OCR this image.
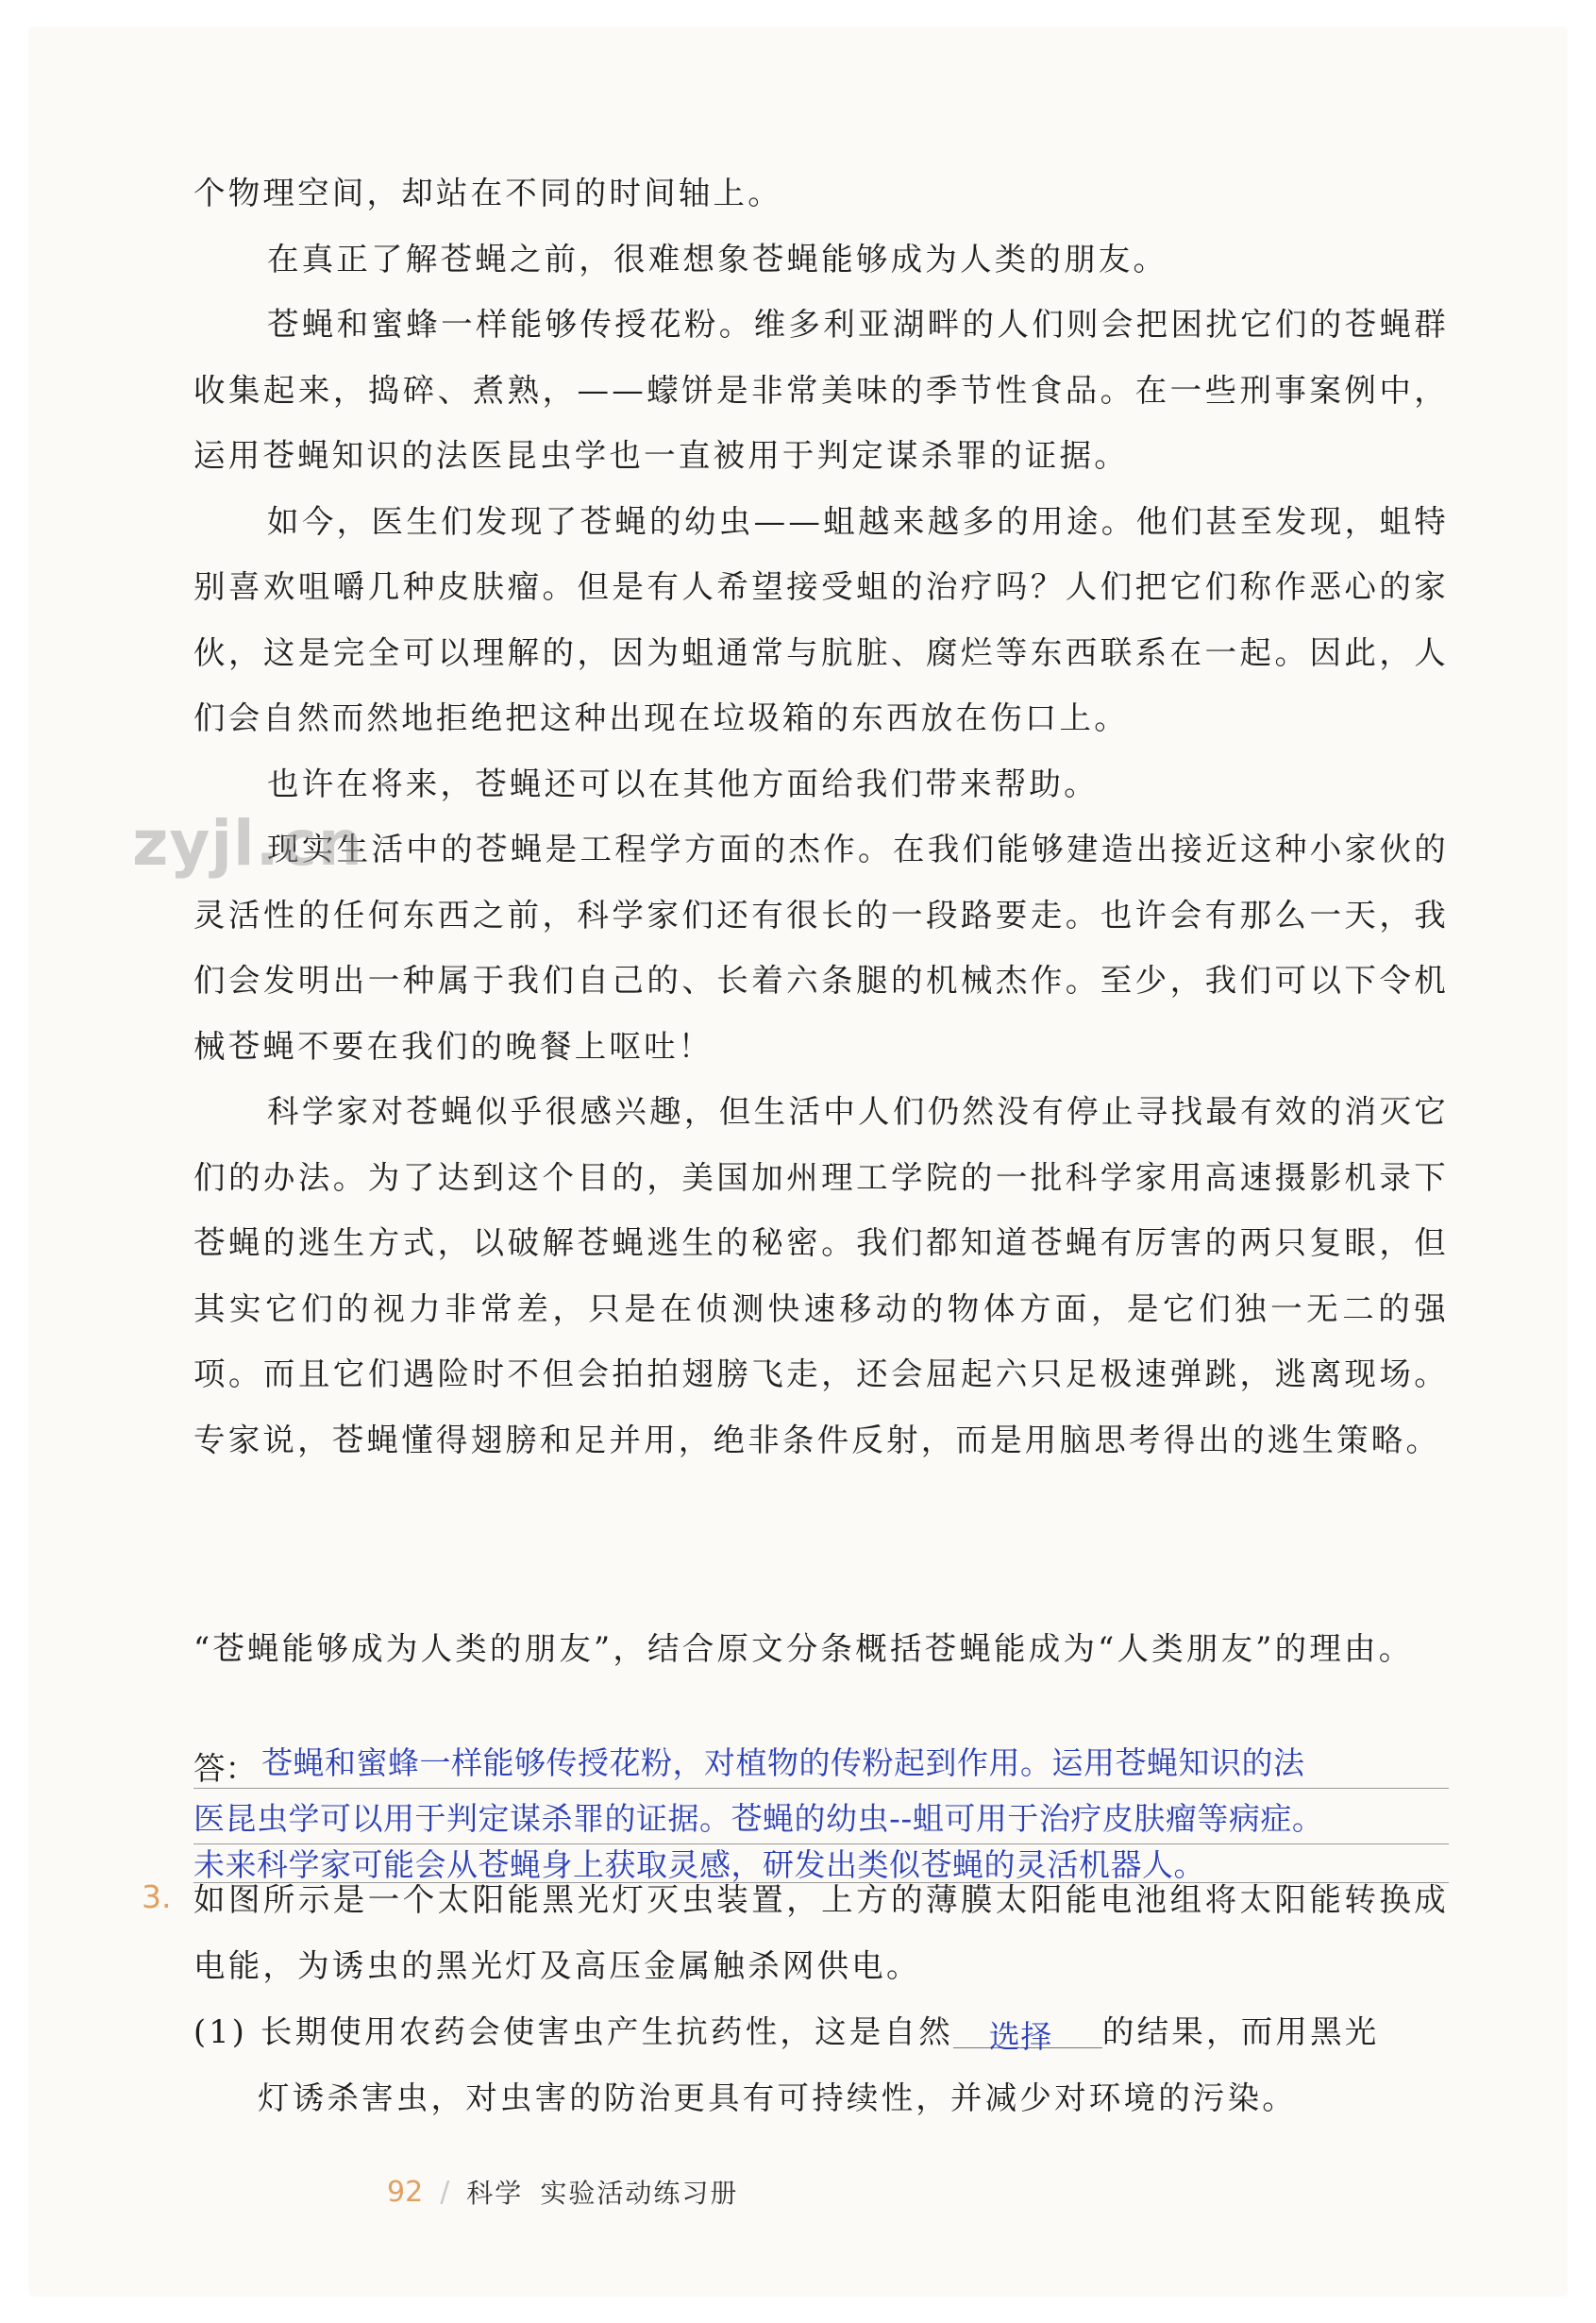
个物理空间，却站在不同的时间轴上。

在真正了解苍蝇之前，很难想象苍蝇能够成为人类的朋友。

苍蝇和蜜蜂一样能够传授花粉。维多利亚湖畔的人们则会把困扰它们的苍蝇群收集起来，捣碎、煮熟，——蠓饼是非常美味的季节性食品。在一些刑事案例中，运用苍蝇知识的法医昆虫学也一直被用于判定谋杀罪的证据。

如今，医生们发现了苍蝇的幼虫——蛆越来越多的用途。他们甚至发现，蛆特别喜欢咀嚼几种皮肤瘤。但是有人希望接受蛆的治疗吗？人们把它们称作恶心的家伙，这是完全可以理解的，因为蛆通常与肮脏、腐烂等东西联系在一起。因此，人们会自然而然地拒绝把这种出现在垃圾箱的东西放在伤口上。

也许在将来，苍蝇还可以在其他方面给我们带来帮助。

现实生活中的苍蝇是工程学方面的杰作。在我们能够建造出接近这种小家伙的灵活性的任何东西之前，科学家们还有很长的一段路要走。也许会有那么一天，我们会发明出一种属于我们自己的、长着六条腿的机械杰作。至少，我们可以下令机械苍蝇不要在我们的晚餐上呕吐！

科学家对苍蝇似乎很感兴趣，但生活中人们仍然没有停止寻找最有效的消灭它们的办法。为了达到这个目的，美国加州理工学院的一批科学家用高速摄影机录下苍蝇的逃生方式，以破解苍蝇逃生的秘密。我们都知道苍蝇有厉害的两只复眼，但其实它们的视力非常差，只是在侦测快速移动的物体方面，是它们独一无二的强项。而且它们遇险时不但会拍拍翅膀飞走，还会屈起六只足极速弹跳，逃离现场。专家说，苍蝇懂得翅膀和足并用，绝非条件反射，而是用脑思考得出的逃生策略。

zyjl.cn

“苍蝇能够成为人类的朋友”，结合原文分条概括苍蝇能成为“人类朋友”的理由。

答： 苍蝇和蜜蜂一样能够传授花粉，对植物的传粉起到作用。运用苍蝇知识的法
医昆虫学可以用于判定谋杀罪的证据。苍蝇的幼虫--蛆可用于治疗皮肤瘤等病症。
未来科学家可能会从苍蝇身上获取灵感，研发出类似苍蝇的灵活机器人。
3. 如图所示是一个太阳能黑光灯灭虫装置，上方的薄膜太阳能电池组将太阳能转换成电能，为诱虫的黑光灯及高压金属触杀网供电。

(1) 长期使用农药会使害虫产生抗药性，这是自然 选择 的结果，而用黑光
灯诱杀害虫，对虫害的防治更具有可持续性，并减少对环境的污染。
92 / 科学 实验活动练习册
